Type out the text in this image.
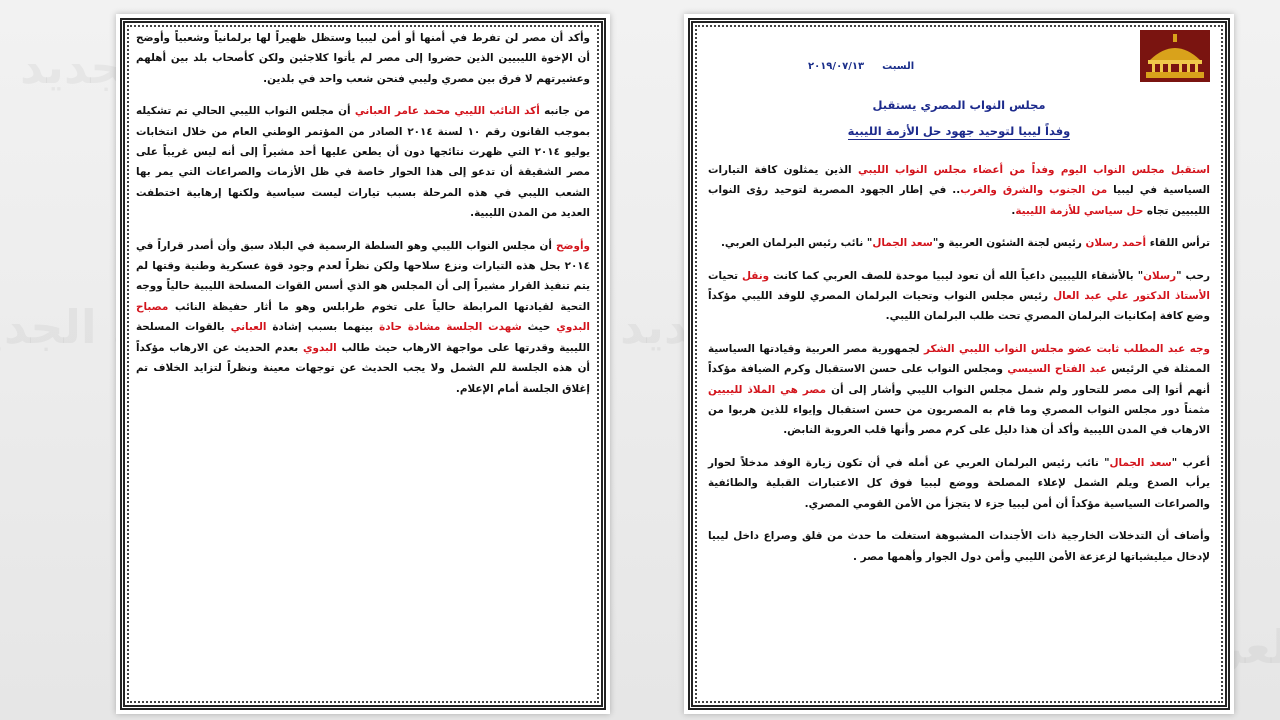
السبت٢٠١٩/٠٧/١٣
مجلس النواب المصري يستقبل
وفداً ليبيا لتوحيد جهود حل الأزمة الليبية

استقبل مجلس النواب اليوم وفداً من أعضاء مجلس النواب الليبي الذين يمثلون كافة التيارات السياسية في ليبيا من الجنوب والشرق والغرب.. في إطار الجهود المصرية لتوحيد رؤى النواب الليبيين تجاه حل سياسي للأزمة الليبية.

ترأس اللقاء أحمد رسلان رئيس لجنة الشئون العربية و"سعد الجمال" نائب رئيس البرلمان العربي.

رحب "رسلان" بالأشقاء الليبيين داعياً الله أن تعود ليبيا موحدة للصف العربي كما كانت ونقل تحيات الأستاذ الدكتور علي عبد العال رئيس مجلس النواب وتحيات البرلمان المصري للوفد الليبي مؤكداً وضع كافة إمكانيات البرلمان المصري تحت طلب البرلمان الليبي.

وجه عبد المطلب ثابت عضو مجلس النواب الليبي الشكر لجمهورية مصر العربية وقيادتها السياسية الممثلة في الرئيس عبد الفتاح السيسي ومجلس النواب على حسن الاستقبال وكرم الضيافة مؤكداً أنهم أتوا إلى مصر للتحاور ولم شمل مجلس النواب الليبي وأشار إلى أن مصر هي الملاذ لليبيين مثمناً دور مجلس النواب المصري وما قام به المصريون من حسن استقبال وإيواء للذين هربوا من الارهاب في المدن الليبية وأكد أن هذا دليل على كرم مصر وأنها قلب العروبة النابض.

أعرب "سعد الجمال" نائب رئيس البرلمان العربي عن أمله في أن تكون زيارة الوفد مدخلاً لحوار يرأب الصدع ويلم الشمل لإعلاء المصلحة ووضع ليبيا فوق كل الاعتبارات القبلية والطائفية والصراعات السياسية مؤكداً أن أمن ليبيا جزء لا يتجزأ من الأمن القومي المصري.

وأضاف أن التدخلات الخارجية ذات الأجندات المشبوهة استغلت ما حدث من قلق وصراع داخل ليبيا لإدخال ميليشياتها لزعزعة الأمن الليبي وأمن دول الجوار وأهمها مصر .

وأكد أن مصر لن تفرط في أمنها أو أمن ليبيا وستظل ظهيراً لها برلمانياً وشعبياً وأوضح أن الإخوة الليبيين الذين حضروا إلى مصر لم يأتوا كلاجئين ولكن كأصحاب بلد بين أهلهم وعشيرتهم لا فرق بين مصري وليبي فنحن شعب واحد في بلدين.

من جانبه أكد النائب الليبي محمد عامر العباني أن مجلس النواب الليبي الحالي تم تشكيله بموجب القانون رقم ١٠ لسنة ٢٠١٤ الصادر من المؤتمر الوطني العام من خلال انتخابات يوليو ٢٠١٤ التي ظهرت نتائجها دون أن يطعن عليها أحد مشيراً إلى أنه ليس غريباً على مصر الشقيقة أن تدعو إلى هذا الحوار خاصة في ظل الأزمات والصراعات التي يمر بها الشعب الليبي في هذه المرحلة بسبب تيارات ليست سياسية ولكنها إرهابية اختطفت العديد من المدن الليبية.

وأوضح أن مجلس النواب الليبي وهو السلطة الرسمية في البلاد سبق وأن أصدر قراراً في ٢٠١٤ بحل هذه التيارات ونزع سلاحها ولكن نظراً لعدم وجود قوة عسكرية وطنية وقتها لم يتم تنفيذ القرار مشيراً إلى أن المجلس هو الذي أسس القوات المسلحة الليبية حالياً ووجه التحية لقيادتها المرابطة حالياً على تخوم طرابلس وهو ما أثار حفيظة النائب مصباح البدوي حيث شهدت الجلسة مشادة حادة بينهما بسبب إشادة العباني بالقوات المسلحة الليبية وقدرتها على مواجهة الارهاب حيث طالب البدوي بعدم الحديث عن الارهاب مؤكداً أن هذه الجلسة للم الشمل ولا يجب الحديث عن توجهات معينة ونظراً لتزايد الخلاف تم إغلاق الجلسة أمام الإعلام.
